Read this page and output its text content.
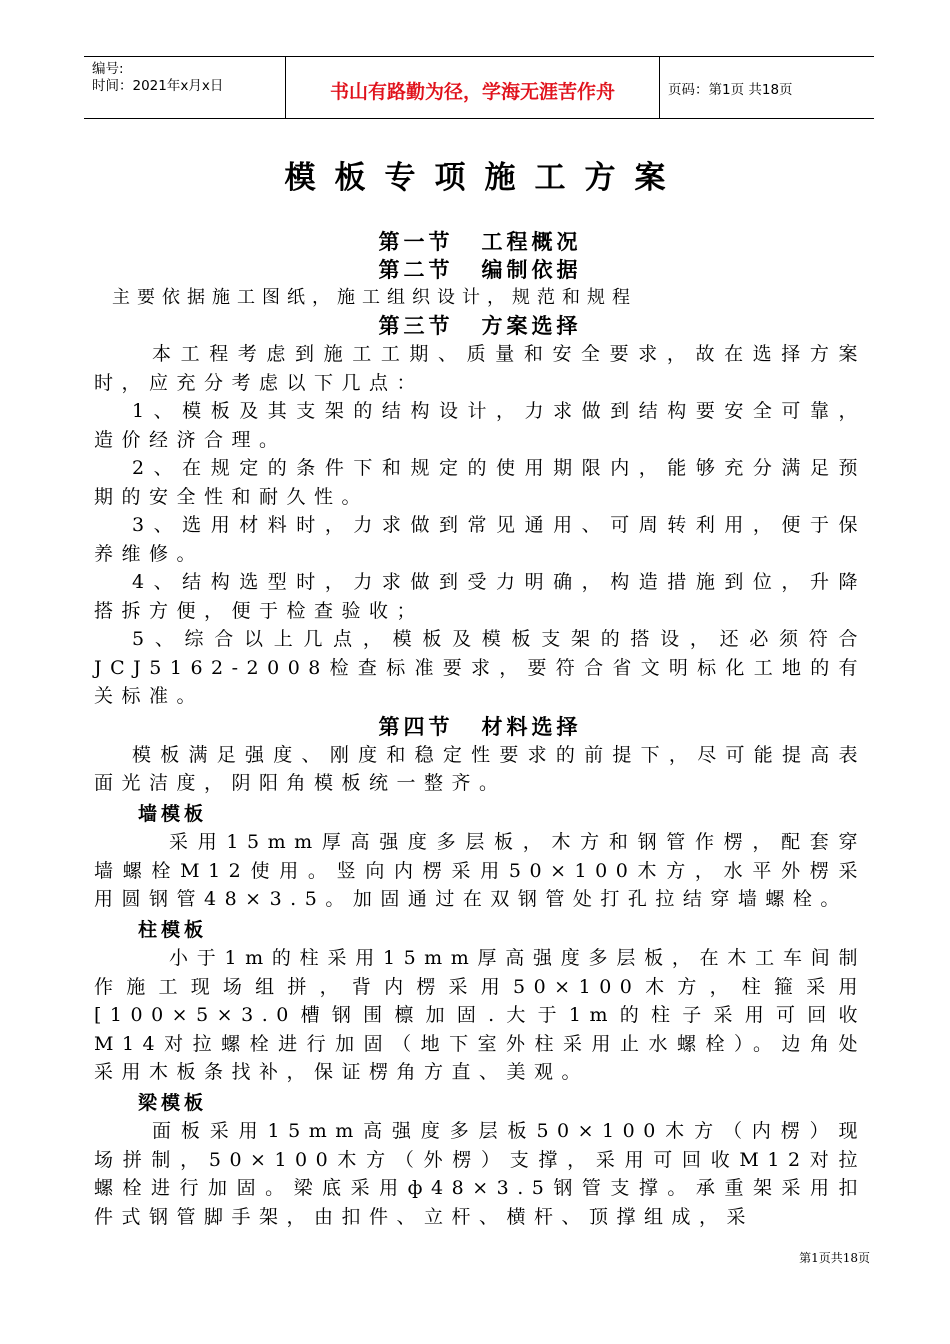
编号:
时间：2021年x月x日	书山有路勤为径，学海无涯苦作舟	页码：第1页 共18页
模板专项施工方案
第一节 工程概况
第二节 编制依据
主要依据施工图纸，施工组织设计，规范和规程
第三节 方案选择

本工程考虑到施工工期、质量和安全要求，故在选择方案时，应充分考虑以下几点：

1、模板及其支架的结构设计，力求做到结构要安全可靠，造价经济合理。

2、在规定的条件下和规定的使用期限内，能够充分满足预期的安全性和耐久性。

3、选用材料时，力求做到常见通用、可周转利用，便于保养维修。

4、结构选型时，力求做到受力明确，构造措施到位，升降搭拆方便，便于检查验收；

5、综合以上几点，模板及模板支架的搭设，还必须符合JCJ5162-2008检查标准要求，要符合省文明标化工地的有关标准。

第四节 材料选择

模板满足强度、刚度和稳定性要求的前提下，尽可能提高表面光洁度，阴阳角模板统一整齐。

墙模板

采用15mm厚高强度多层板，木方和钢管作楞，配套穿墙螺栓M12使用。竖向内楞采用50×100木方，水平外楞采用圆钢管48×3.5。加固通过在双钢管处打孔拉结穿墙螺栓。

柱模板

小于1m的柱采用15mm厚高强度多层板，在木工车间制作施工现场组拼，背内楞采用50×100木方，柱箍采用[100×5×3.0槽钢围檩加固.大于1m的柱子采用可回收M14对拉螺栓进行加固（地下室外柱采用止水螺栓）。边角处采用木板条找补，保证楞角方直、美观。

梁模板

面板采用15mm高强度多层板50×100木方（内楞）现场拼制，50×100木方（外楞）支撑，采用可回收M12对拉螺栓进行加固。梁底采用ф48×3.5钢管支撑。承重架采用扣件式钢管脚手架，由扣件、立杆、横杆、顶撑组成，采

第1页共18页
